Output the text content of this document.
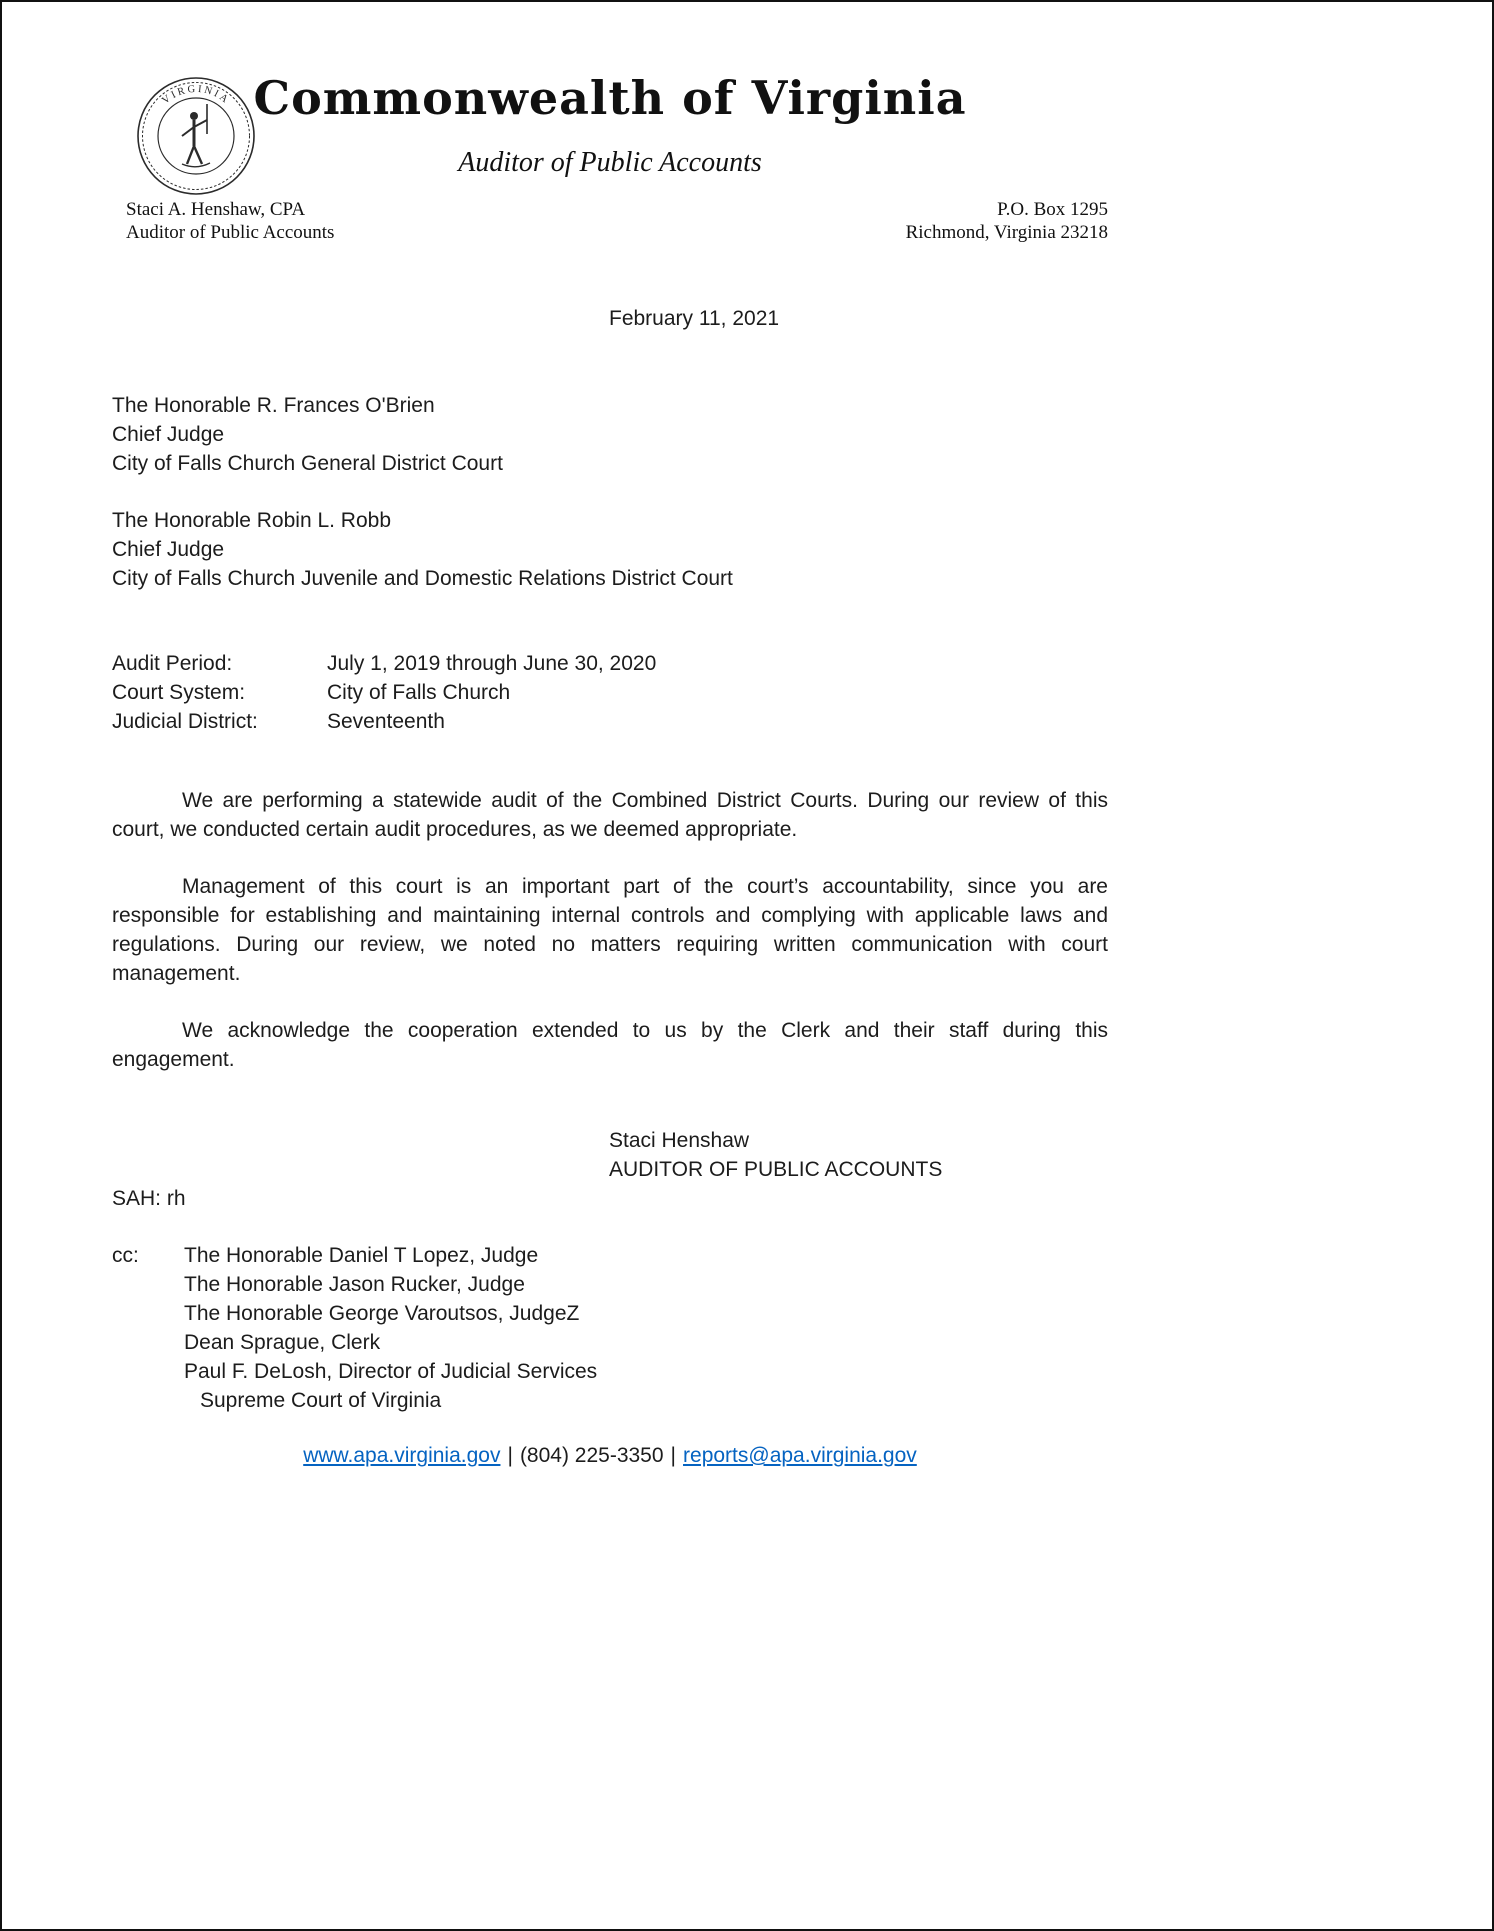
VIRGINIA Commonwealth of Virginia
Auditor of Public Accounts
Staci A. Henshaw, CPA
Auditor of Public Accounts
P.O. Box 1295
Richmond, Virginia 23218
February 11, 2021
The Honorable R. Frances O'Brien
Chief Judge
City of Falls Church General District Court
The Honorable Robin L. Robb
Chief Judge
City of Falls Church Juvenile and Domestic Relations District Court
Audit Period:	July 1, 2019 through June 30, 2020
Court System:	City of Falls Church
Judicial District:	Seventeenth

We are performing a statewide audit of the Combined District Courts. During our review of this court, we conducted certain audit procedures, as we deemed appropriate.

Management of this court is an important part of the court’s accountability, since you are responsible for establishing and maintaining internal controls and complying with applicable laws and regulations. During our review, we noted no matters requiring written communication with court management.

We acknowledge the cooperation extended to us by the Clerk and their staff during this engagement.

Staci Henshaw
AUDITOR OF PUBLIC ACCOUNTS
SAH: rh
cc:	The Honorable Daniel T Lopez, Judge
The Honorable Jason Rucker, Judge
The Honorable George Varoutsos, JudgeZ
Dean Sprague, Clerk
Paul F. DeLosh, Director of Judicial Services
Supreme Court of Virginia
www.apa.virginia.gov | (804) 225-3350 | reports@apa.virginia.gov
